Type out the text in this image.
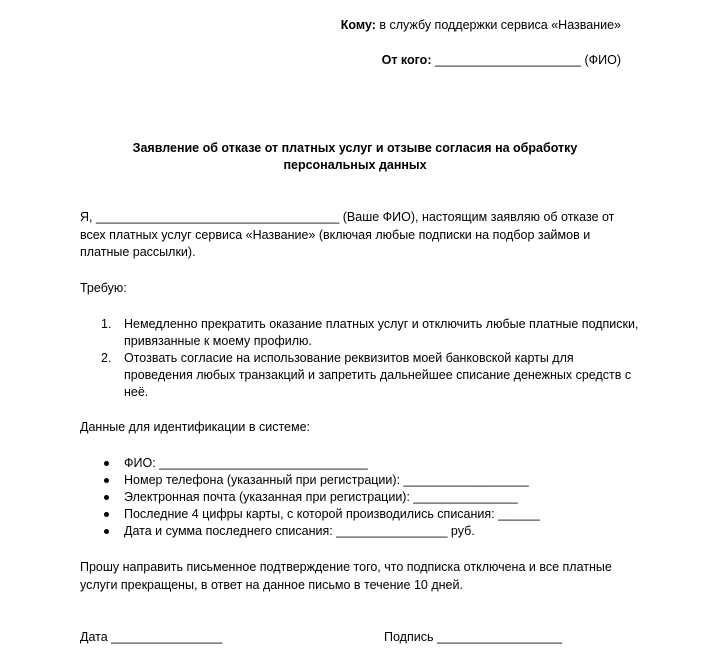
Кому: в службу поддержки сервиса «Название»
От кого: _____________________ (ФИО)
Заявление об отказе от платных услуг и отзыве согласия на обработку
персональных данных
Я, ___________________________________ (Ваше ФИО), настоящим заявляю об отказе от всех платных услуг сервиса «Название» (включая любые подписки на подбор займов и платные рассылки).
Требую:
1. Немедленно прекратить оказание платных услуг и отключить любые платные подписки, привязанные к моему профилю.
2. Отозвать согласие на использование реквизитов моей банковской карты для проведения любых транзакций и запретить дальнейшее списание денежных средств с неё.
Данные для идентификации в системе:
ФИО: ______________________________
Номер телефона (указанный при регистрации): __________________
Электронная почта (указанная при регистрации): _______________
Последние 4 цифры карты, с которой производились списания: ______
Дата и сумма последнего списания: ________________ руб.
Прошу направить письменное подтверждение того, что подписка отключена и все платные услуги прекращены, в ответ на данное письмо в течение 10 дней.
Дата ________________	Подпись __________________
